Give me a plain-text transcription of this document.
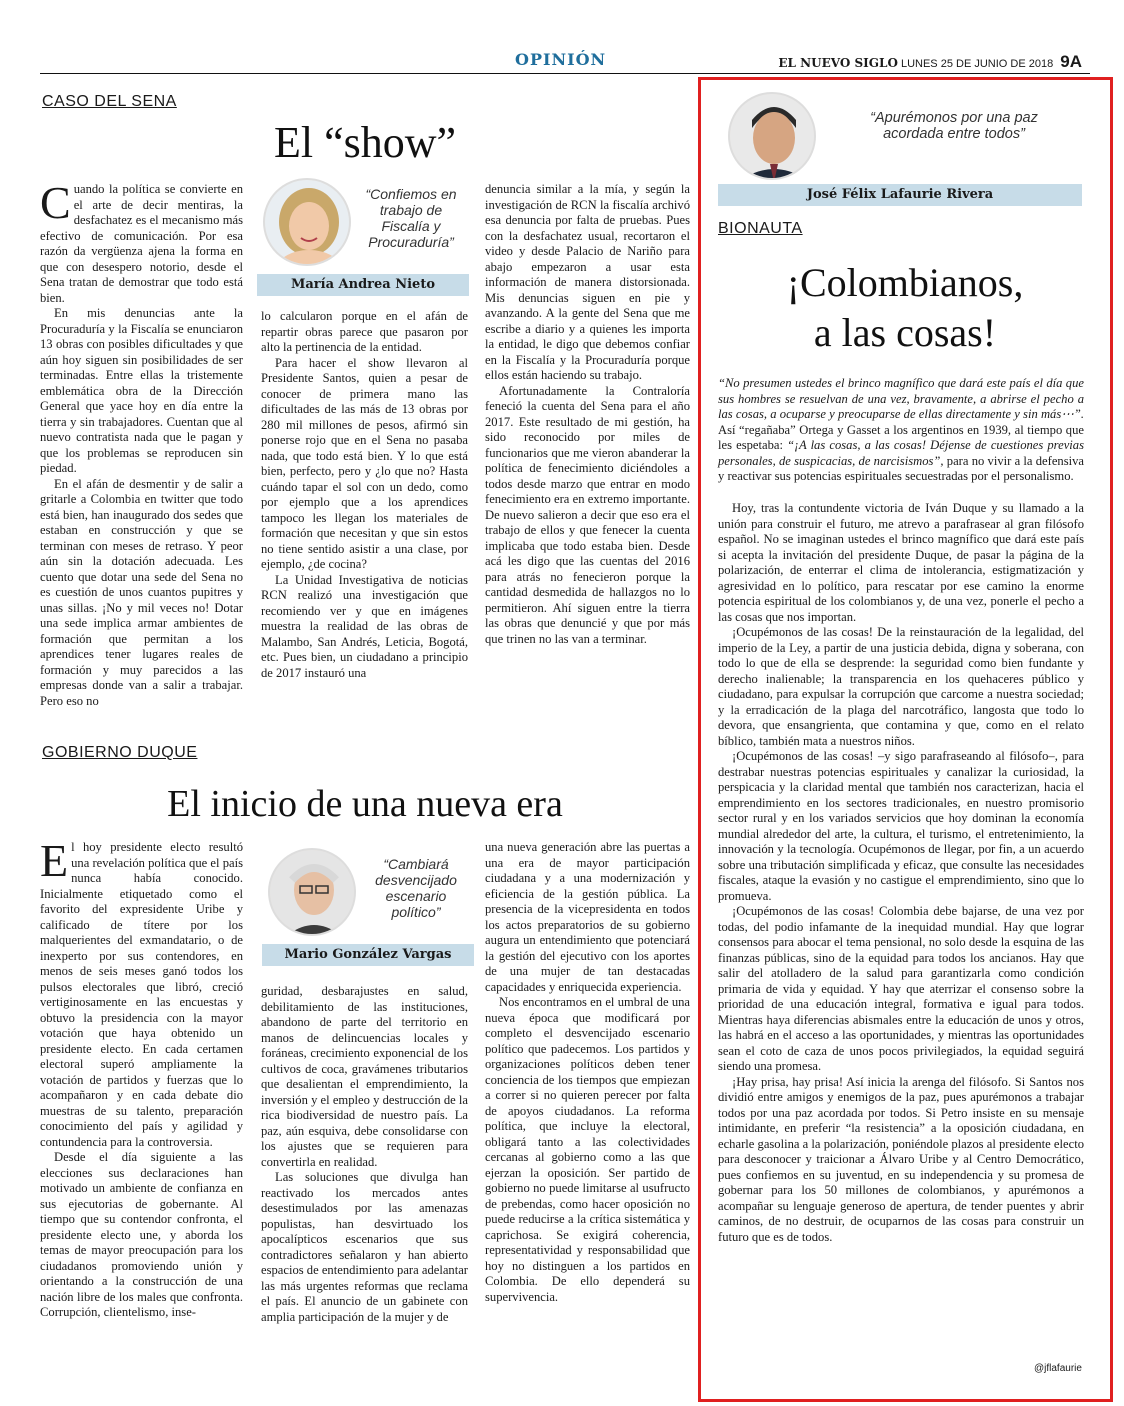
OPINIÓN	EL NUEVO SIGLO LUNES 25 DE JUNIO DE 2018 9A
CASO DEL SENA
El “show”
“Confiemos en trabajo de Fiscalía y Procuraduría”
María Andrea Nieto

Cuando la política se convierte en el arte de decir mentiras, la desfachatez es el mecanismo más efectivo de comunicación. Por esa razón da vergüenza ajena la forma en que con desespero notorio, desde el Sena tratan de demostrar que todo está bien.

En mis denuncias ante la Procuraduría y la Fiscalía se enunciaron 13 obras con posibles dificultades y que aún hoy siguen sin posibilidades de ser terminadas. Entre ellas la tristemente emblemática obra de la Dirección General que yace hoy en día entre la tierra y sin trabajadores. Cuentan que al nuevo contratista nada que le pagan y que los problemas se reproducen sin piedad.

En el afán de desmentir y de salir a gritarle a Colombia en twitter que todo está bien, han inaugurado dos sedes que estaban en construcción y que se terminan con meses de retraso. Y peor aún sin la dotación adecuada. Les cuento que dotar una sede del Sena no es cuestión de unos cuantos pupitres y unas sillas. ¡No y mil veces no! Dotar una sede implica armar ambientes de formación que permitan a los aprendices tener lugares reales de formación y muy parecidos a las empresas donde van a salir a trabajar. Pero eso no

lo calcularon porque en el afán de repartir obras parece que pasaron por alto la pertinencia de la entidad.

Para hacer el show llevaron al Presidente Santos, quien a pesar de conocer de primera mano las dificultades de las más de 13 obras por 280 mil millones de pesos, afirmó sin ponerse rojo que en el Sena no pasaba nada, que todo está bien. Y lo que está bien, perfecto, pero y ¿lo que no? Hasta cuándo tapar el sol con un dedo, como por ejemplo que a los aprendices tampoco les llegan los materiales de formación que necesitan y que sin estos no tiene sentido asistir a una clase, por ejemplo, ¿de cocina?

La Unidad Investigativa de noticias RCN realizó una investigación que recomiendo ver y que en imágenes muestra la realidad de las obras de Malambo, San Andrés, Leticia, Bogotá, etc. Pues bien, un ciudadano a principio de 2017 instauró una

denuncia similar a la mía, y según la investigación de RCN la fiscalía archivó esa denuncia por falta de pruebas. Pues con la desfachatez usual, recortaron el video y desde Palacio de Nariño para abajo empezaron a usar esta información de manera distorsionada. Mis denuncias siguen en pie y avanzando. A la gente del Sena que me escribe a diario y a quienes les importa la entidad, le digo que debemos confiar en la Fiscalía y la Procuraduría porque ellos están haciendo su trabajo.

Afortunadamente la Contraloría feneció la cuenta del Sena para el año 2017. Este resultado de mi gestión, ha sido reconocido por miles de funcionarios que me vieron abanderar la política de fenecimiento diciéndoles a todos desde marzo que entrar en modo fenecimiento era en extremo importante. De nuevo salieron a decir que eso era el trabajo de ellos y que fenecer la cuenta implicaba que todo estaba bien. Desde acá les digo que las cuentas del 2016 para atrás no fenecieron porque la cantidad desmedida de hallazgos no lo permitieron. Ahí siguen entre la tierra las obras que denuncié y que por más que trinen no las van a terminar.

GOBIERNO DUQUE
El inicio de una nueva era
“Cambiará desvencijado escenario político”
Mario González Vargas

El hoy presidente electo resultó una revelación política que el país nunca había conocido. Inicialmente etiquetado como el favorito del expresidente Uribe y calificado de títere por los malquerientes del exmandatario, o de inexperto por sus contendores, en menos de seis meses ganó todos los pulsos electorales que libró, creció vertiginosamente en las encuestas y obtuvo la presidencia con la mayor votación que haya obtenido un presidente electo. En cada certamen electoral superó ampliamente la votación de partidos y fuerzas que lo acompañaron y en cada debate dio muestras de su talento, preparación conocimiento del país y agilidad y contundencia para la controversia.

Desde el día siguiente a las elecciones sus declaraciones han motivado un ambiente de confianza en sus ejecutorias de gobernante. Al tiempo que su contendor confronta, el presidente electo une, y aborda los temas de mayor preocupación para los ciudadanos promoviendo unión y orientando a la construcción de una nación libre de los males que confronta. Corrupción, clientelismo, inse-

guridad, desbarajustes en salud, debilitamiento de las instituciones, abandono de parte del territorio en manos de delincuencias locales y foráneas, crecimiento exponencial de los cultivos de coca, gravámenes tributarios que desalientan el emprendimiento, la inversión y el empleo y destrucción de la rica biodiversidad de nuestro país. La paz, aún esquiva, debe consolidarse con los ajustes que se requieren para convertirla en realidad.

Las soluciones que divulga han reactivado los mercados antes desestimulados por las amenazas populistas, han desvirtuado los apocalípticos escenarios que sus contradictores señalaron y han abierto espacios de entendimiento para adelantar las más urgentes reformas que reclama el país. El anuncio de un gabinete con amplia participación de la mujer y de

una nueva generación abre las puertas a una era de mayor participación ciudadana y a una modernización y eficiencia de la gestión pública. La presencia de la vicepresidenta en todos los actos preparatorios de su gobierno augura un entendimiento que potenciará la gestión del ejecutivo con los aportes de una mujer de tan destacadas capacidades y enriquecida experiencia.

Nos encontramos en el umbral de una nueva época que modificará por completo el desvencijado escenario político que padecemos. Los partidos y organizaciones políticos deben tener conciencia de los tiempos que empiezan a correr si no quieren perecer por falta de apoyos ciudadanos. La reforma política, que incluye la electoral, obligará tanto a las colectividades cercanas al gobierno como a las que ejerzan la oposición. Ser partido de gobierno no puede limitarse al usufructo de prebendas, como hacer oposición no puede reducirse a la crítica sistemática y caprichosa. Se exigirá coherencia, representatividad y responsabilidad que hoy no distinguen a los partidos en Colombia. De ello dependerá su supervivencia.

“Apurémonos por una paz acordada entre todos”
José Félix Lafaurie Rivera
BIONAUTA
¡Colombianos,
a las cosas!
“No presumen ustedes el brinco magnífico que dará este país el día que sus hombres se resuelvan de una vez, bravamente, a abrirse el pecho a las cosas, a ocuparse y preocuparse de ellas directamente y sin más⋯”. Así “regañaba” Ortega y Gasset a los argentinos en 1939, al tiempo que les espetaba: “¡A las cosas, a las cosas! Déjense de cuestiones previas personales, de suspicacias, de narcisismos”, para no vivir a la defensiva y reactivar sus potencias espirituales secuestradas por el personalismo.

Hoy, tras la contundente victoria de Iván Duque y su llamado a la unión para construir el futuro, me atrevo a parafrasear al gran filósofo español. No se imaginan ustedes el brinco magnífico que dará este país si acepta la invitación del presidente Duque, de pasar la página de la polarización, de enterrar el clima de intolerancia, estigmatización y agresividad en lo político, para rescatar por ese camino la enorme potencia espiritual de los colombianos y, de una vez, ponerle el pecho a las cosas que nos importan.

¡Ocupémonos de las cosas! De la reinstauración de la legalidad, del imperio de la Ley, a partir de una justicia debida, digna y soberana, con todo lo que de ella se desprende: la seguridad como bien fundante y derecho inalienable; la transparencia en los quehaceres público y ciudadano, para expulsar la corrupción que carcome a nuestra sociedad; y la erradicación de la plaga del narcotráfico, langosta que todo lo devora, que ensangrienta, que contamina y que, como en el relato bíblico, también mata a nuestros niños.

¡Ocupémonos de las cosas! –y sigo parafraseando al filósofo–, para destrabar nuestras potencias espirituales y canalizar la curiosidad, la perspicacia y la claridad mental que también nos caracterizan, hacia el emprendimiento en los sectores tradicionales, en nuestro promisorio sector rural y en los variados servicios que hoy dominan la economía mundial alrededor del arte, la cultura, el turismo, el entretenimiento, la innovación y la tecnología. Ocupémonos de llegar, por fin, a un acuerdo sobre una tributación simplificada y eficaz, que consulte las necesidades fiscales, ataque la evasión y no castigue el emprendimiento, sino que lo promueva.

¡Ocupémonos de las cosas! Colombia debe bajarse, de una vez por todas, del podio infamante de la inequidad mundial. Hay que lograr consensos para abocar el tema pensional, no solo desde la esquina de las finanzas públicas, sino de la equidad para todos los ancianos. Hay que salir del atolladero de la salud para garantizarla como condición primaria de vida y equidad. Y hay que aterrizar el consenso sobre la prioridad de una educación integral, formativa e igual para todos. Mientras haya diferencias abismales entre la educación de unos y otros, las habrá en el acceso a las oportunidades, y mientras las oportunidades sean el coto de caza de unos pocos privilegiados, la equidad seguirá siendo una promesa.

¡Hay prisa, hay prisa! Así inicia la arenga del filósofo. Si Santos nos dividió entre amigos y enemigos de la paz, pues apurémonos a trabajar todos por una paz acordada por todos. Si Petro insiste en su mensaje intimidante, en preferir “la resistencia” a la oposición ciudadana, en echarle gasolina a la polarización, poniéndole plazos al presidente electo para desconocer y traicionar a Álvaro Uribe y al Centro Democrático, pues confiemos en su juventud, en su independencia y su promesa de gobernar para los 50 millones de colombianos, y apurémonos a acompañar su lenguaje generoso de apertura, de tender puentes y abrir caminos, de no destruir, de ocuparnos de las cosas para construir un futuro que es de todos.

@jflafaurie
